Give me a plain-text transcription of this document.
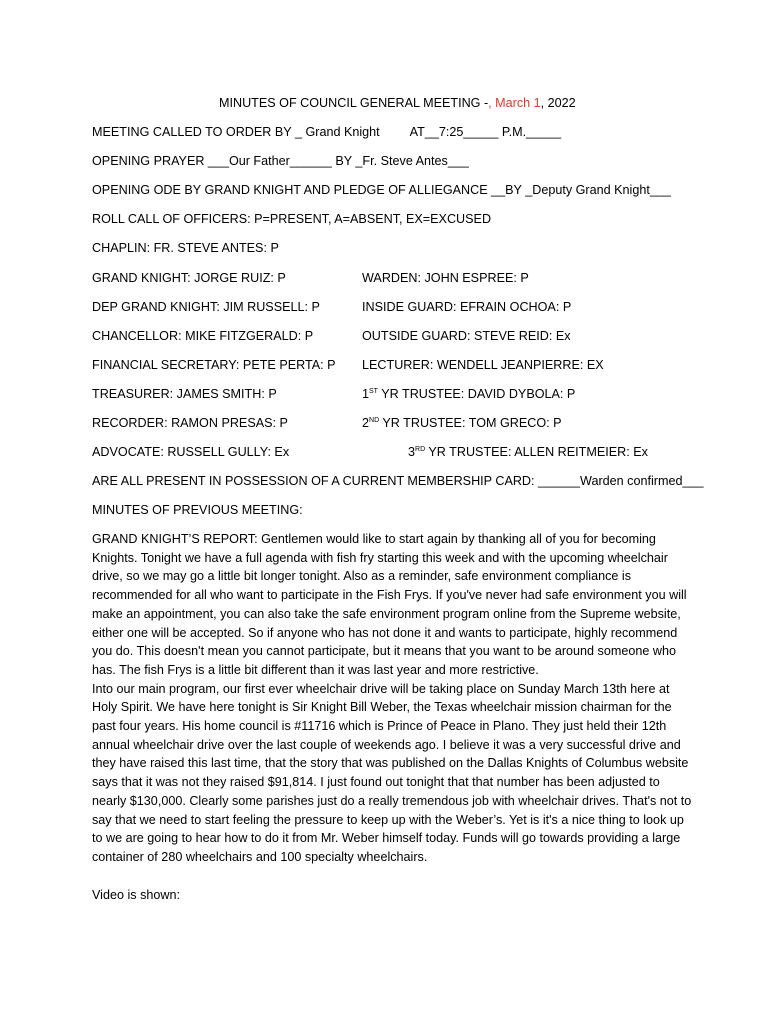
MINUTES OF COUNCIL GENERAL MEETING -, March 1, 2022
MEETING CALLED TO ORDER BY _ Grand Knight AT__7:25_____ P.M._____
OPENING PRAYER ___Our Father______ BY _Fr. Steve Antes___
OPENING ODE BY GRAND KNIGHT AND PLEDGE OF ALLIEGANCE __BY _Deputy Grand Knight___
ROLL CALL OF OFFICERS: P=PRESENT, A=ABSENT, EX=EXCUSED
CHAPLIN: FR. STEVE ANTES: P
GRAND KNIGHT: JORGE RUIZ: P	WARDEN: JOHN ESPREE: P
DEP GRAND KNIGHT: JIM RUSSELL: P	INSIDE GUARD: EFRAIN OCHOA: P
CHANCELLOR: MIKE FITZGERALD: P	OUTSIDE GUARD: STEVE REID: Ex
FINANCIAL SECRETARY: PETE PERTA: P LECTURER: WENDELL JEANPIERRE: EX
TREASURER: JAMES SMITH: P	1ST YR TRUSTEE: DAVID DYBOLA: P
RECORDER: RAMON PRESAS: P	2ND YR TRUSTEE: TOM GRECO: P
ADVOCATE: RUSSELL GULLY: Ex	3RD YR TRUSTEE: ALLEN REITMEIER: Ex
ARE ALL PRESENT IN POSSESSION OF A CURRENT MEMBERSHIP CARD: ______Warden confirmed___
MINUTES OF PREVIOUS MEETING:

GRAND KNIGHT’S REPORT: Gentlemen would like to start again by thanking all of you for becoming Knights. Tonight we have a full agenda with fish fry starting this week and with the upcoming wheelchair drive, so we may go a little bit longer tonight. Also as a reminder, safe environment compliance is recommended for all who want to participate in the Fish Frys. If you've never had safe environment you will make an appointment, you can also take the safe environment program online from the Supreme website, either one will be accepted. So if anyone who has not done it and wants to participate, highly recommend you do. This doesn't mean you cannot participate, but it means that you want to be around someone who has. The fish Frys is a little bit different than it was last year and more restrictive.

Into our main program, our first ever wheelchair drive will be taking place on Sunday March 13th here at Holy Spirit. We have here tonight is Sir Knight Bill Weber, the Texas wheelchair mission chairman for the past four years. His home council is #11716 which is Prince of Peace in Plano. They just held their 12th annual wheelchair drive over the last couple of weekends ago. I believe it was a very successful drive and they have raised this last time, that the story that was published on the Dallas Knights of Columbus website says that it was not they raised $91,814. I just found out tonight that that number has been adjusted to nearly $130,000. Clearly some parishes just do a really tremendous job with wheelchair drives. That's not to say that we need to start feeling the pressure to keep up with the Weber’s. Yet is it's a nice thing to look up to we are going to hear how to do it from Mr. Weber himself today. Funds will go towards providing a large container of 280 wheelchairs and 100 specialty wheelchairs.

Video is shown:
